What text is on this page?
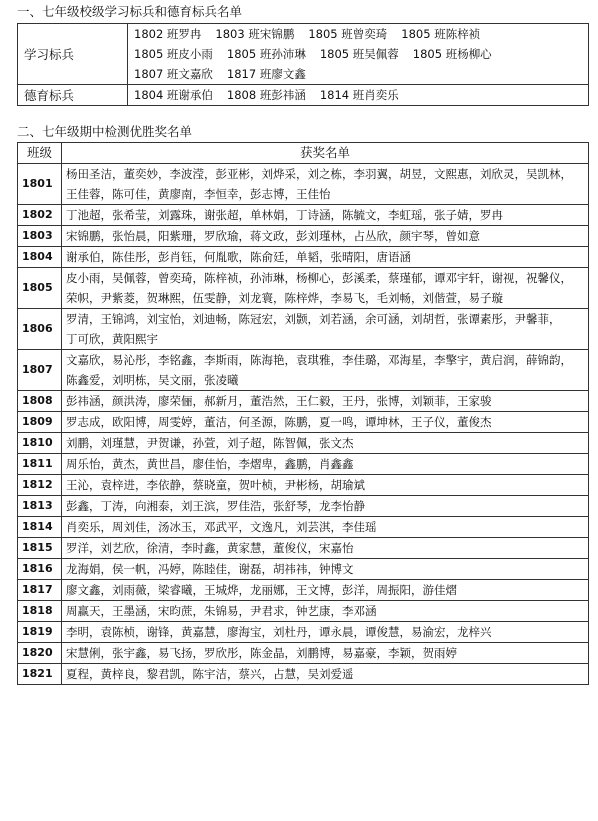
一、七年级校级学习标兵和德育标兵名单

学习标兵	1802 班罗冉 1803 班宋锦鹏 1805 班曾奕琦 1805 班陈梓祯
1805 班皮小雨 1805 班孙沛琳 1805 班吴佩蓉 1805 班杨柳心
1807 班文嘉欣 1817 班廖文鑫

德育标兵	1804 班谢承伯 1808 班彭祎涵 1814 班肖奕乐

二、七年级期中检测优胜奖名单

班级	获奖名单
1801	杨田圣洁，董奕妙，李波滢，彭亚彬，刘烨采，刘之栋，李羽翼，胡昱，文熙惠，刘欣灵，吴凯林，王佳蓉，陈可佳，黄廖南，李恒幸，彭志博，王佳怡
1802	丁池超，张希莹，刘露珠，谢张超，单林娟，丁诗涵，陈毓文，李虹瑶，张子婧，罗冉
1803	宋锦鹏，张怡晨，阳紫珊，罗欣瑜，蒋文政，彭刘瑾林，占丛欣，颜宇琴，曾如意
1804	谢承伯，陈佳彤，彭肖钰，何胤歌，陈俞廷，单韬，张晴阳，唐语涵
1805	皮小雨，吴佩蓉，曾奕琦，陈梓祯，孙沛琳，杨柳心，彭溪柔，蔡瑾郁，谭邓宇轩，谢视，祝馨仪，荣帜，尹紫菱，贺琳熙，伍雯静，刘龙寰，陈梓烨，李易飞，毛刘畅，刘偕萱，易子璇
1806	罗清，王锦鸿，刘宝怡，刘迪畅，陈冠宏，刘颢，刘若涵，余可涵，刘胡哲，张谭素彤，尹馨菲，丁可欣，黄阳熙宇
1807	文嘉欣，易沁彤，李铭鑫，李斯雨，陈海艳，袁琪雅，李佳璐，邓海星，李擎宇，黄启润，薛锦韵，陈鑫爱，刘明栋，吴文丽，张凌曦
1808	彭祎涵，颜洪涛，廖荣俪，郝新月，董浩然，王仁毅，王丹，张博，刘颖菲，王家骏
1809	罗志成，欧阳博，周雯婷，董洁，何圣源，陈鹏，夏一鸣，谭坤林，王子仪，董俊杰
1810	刘鹏，刘瑾慧，尹贺谦，孙萱，刘子超，陈智佩，张文杰
1811	周乐怡，黄杰，黄世昌，廖佳怡，李熠卑，鑫鹏，肖鑫鑫
1812	王沁，袁梓进，李依静，蔡晓童，贺叶桢，尹彬杨，胡瑜斌
1813	彭鑫，丁涛，向湘泰，刘王滨，罗佳浩，张舒琴，龙李怡静
1814	肖奕乐，周刘佳，汤冰玉，邓武平，文逸凡，刘芸淇，李佳瑶
1815	罗洋，刘艺欣，徐清，李时鑫，黄家慧，董俊仪，宋嘉怡
1816	龙海娟，侯一帆，冯婷，陈睦佳，谢磊，胡祎祎，钟博文
1817	廖文鑫，刘雨薇，梁睿曦，王城烨，龙丽娜，王文博，彭洋，周振阳，游佳熠
1818	周赢天，王墨涵，宋昀蔗，朱锦易，尹君求，钟艺康，李邓涵
1819	李明，袁陈桢，谢锋，黄嘉慧，廖海宝，刘杜丹，谭永晨，谭俊慧，易渝宏，龙梓兴
1820	宋慧俐，张宇鑫，易飞扬，罗欣彤，陈金晶，刘鹏博，易嘉豪，李颖，贺雨婷
1821	夏程，黄梓良，黎君凯，陈宇洁，蔡兴，占慧，吴刘爱遥
